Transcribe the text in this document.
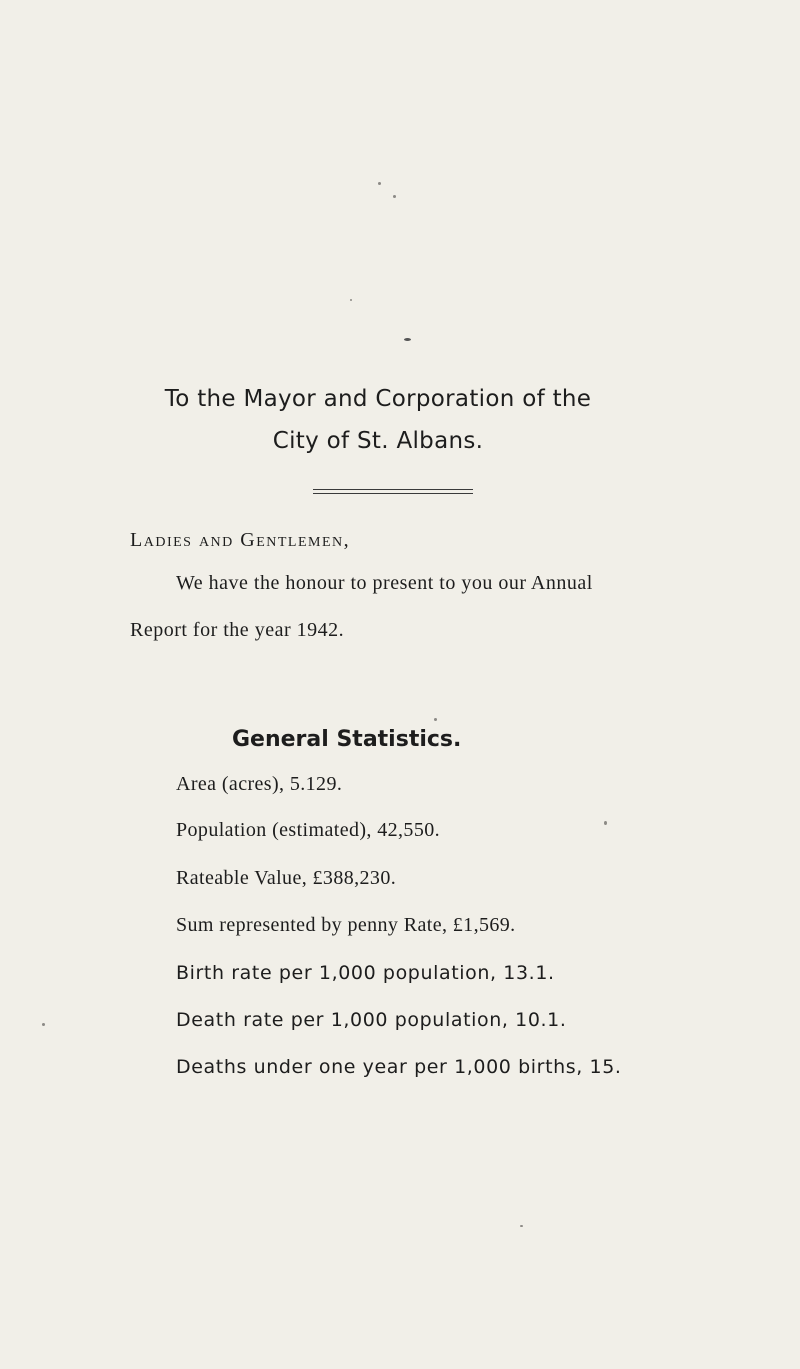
To the Mayor and Corporation of the
City of St. Albans.
Ladies and Gentlemen,
We have the honour to present to you our Annual
Report for the year 1942.
General Statistics.
Area (acres), 5.129.
Population (estimated), 42,550.
Rateable Value, £388,230.
Sum represented by penny Rate, £1,569.
Birth rate per 1,000 population, 13.1.
Death rate per 1,000 population, 10.1.
Deaths under one year per 1,000 births, 15.
